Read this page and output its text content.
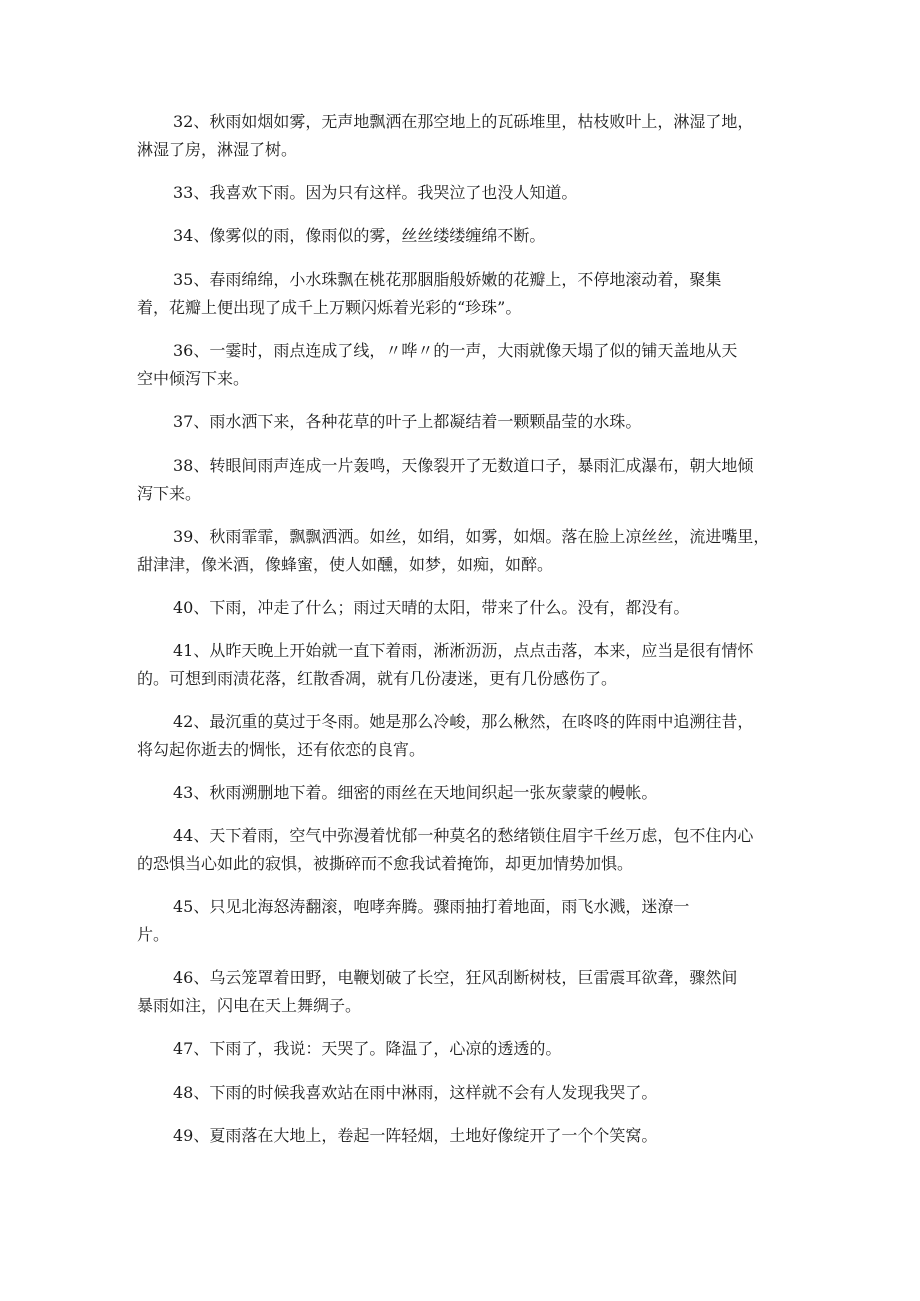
32、秋雨如烟如雾，无声地飘洒在那空地上的瓦砾堆里，枯枝败叶上，淋湿了地，
淋湿了房，淋湿了树。

33、我喜欢下雨。因为只有这样。我哭泣了也没人知道。

34、像雾似的雨，像雨似的雾，丝丝缕缕缠绵不断。

35、春雨绵绵，小水珠飘在桃花那胭脂般娇嫩的花瓣上，不停地滚动着，聚集
着，花瓣上便出现了成千上万颗闪烁着光彩的“珍珠”。

36、一霎时，雨点连成了线，〃哗〃的一声，大雨就像天塌了似的铺天盖地从天
空中倾泻下来。

37、雨水洒下来，各种花草的叶子上都凝结着一颗颗晶莹的水珠。

38、转眼间雨声连成一片轰鸣，天像裂开了无数道口子，暴雨汇成瀑布，朝大地倾
泻下来。

39、秋雨霏霏，飘飘洒洒。如丝，如绢，如雾，如烟。落在脸上凉丝丝，流进嘴里，
甜津津，像米酒，像蜂蜜，使人如醺，如梦，如痴，如醉。

40、下雨，冲走了什么；雨过天晴的太阳，带来了什么。没有，都没有。

41、从昨天晚上开始就一直下着雨，淅淅沥沥，点点击落，本来，应当是很有情怀
的。可想到雨渍花落，红散香凋，就有几份凄迷，更有几份感伤了。

42、最沉重的莫过于冬雨。她是那么冷峻，那么楸然，在咚咚的阵雨中追溯往昔，
将勾起你逝去的惆怅，还有依恋的良宵。

43、秋雨溯删地下着。细密的雨丝在天地间织起一张灰蒙蒙的幔帐。

44、天下着雨，空气中弥漫着忧郁一种莫名的愁绪锁住眉宇千丝万虑，包不住内心
的恐惧当心如此的寂惧，被撕碎而不愈我试着掩饰，却更加情势加惧。

45、只见北海怒涛翻滚，咆哮奔腾。骤雨抽打着地面，雨飞水溅，迷潦一
片。

46、乌云笼罩着田野，电鞭划破了长空，狂风刮断树枝，巨雷震耳欲聋，骤然间
暴雨如注，闪电在天上舞绸子。

47、下雨了，我说：天哭了。降温了，心凉的透透的。

48、下雨的时候我喜欢站在雨中淋雨，这样就不会有人发现我哭了。

49、夏雨落在大地上，卷起一阵轻烟，土地好像绽开了一个个笑窝。
